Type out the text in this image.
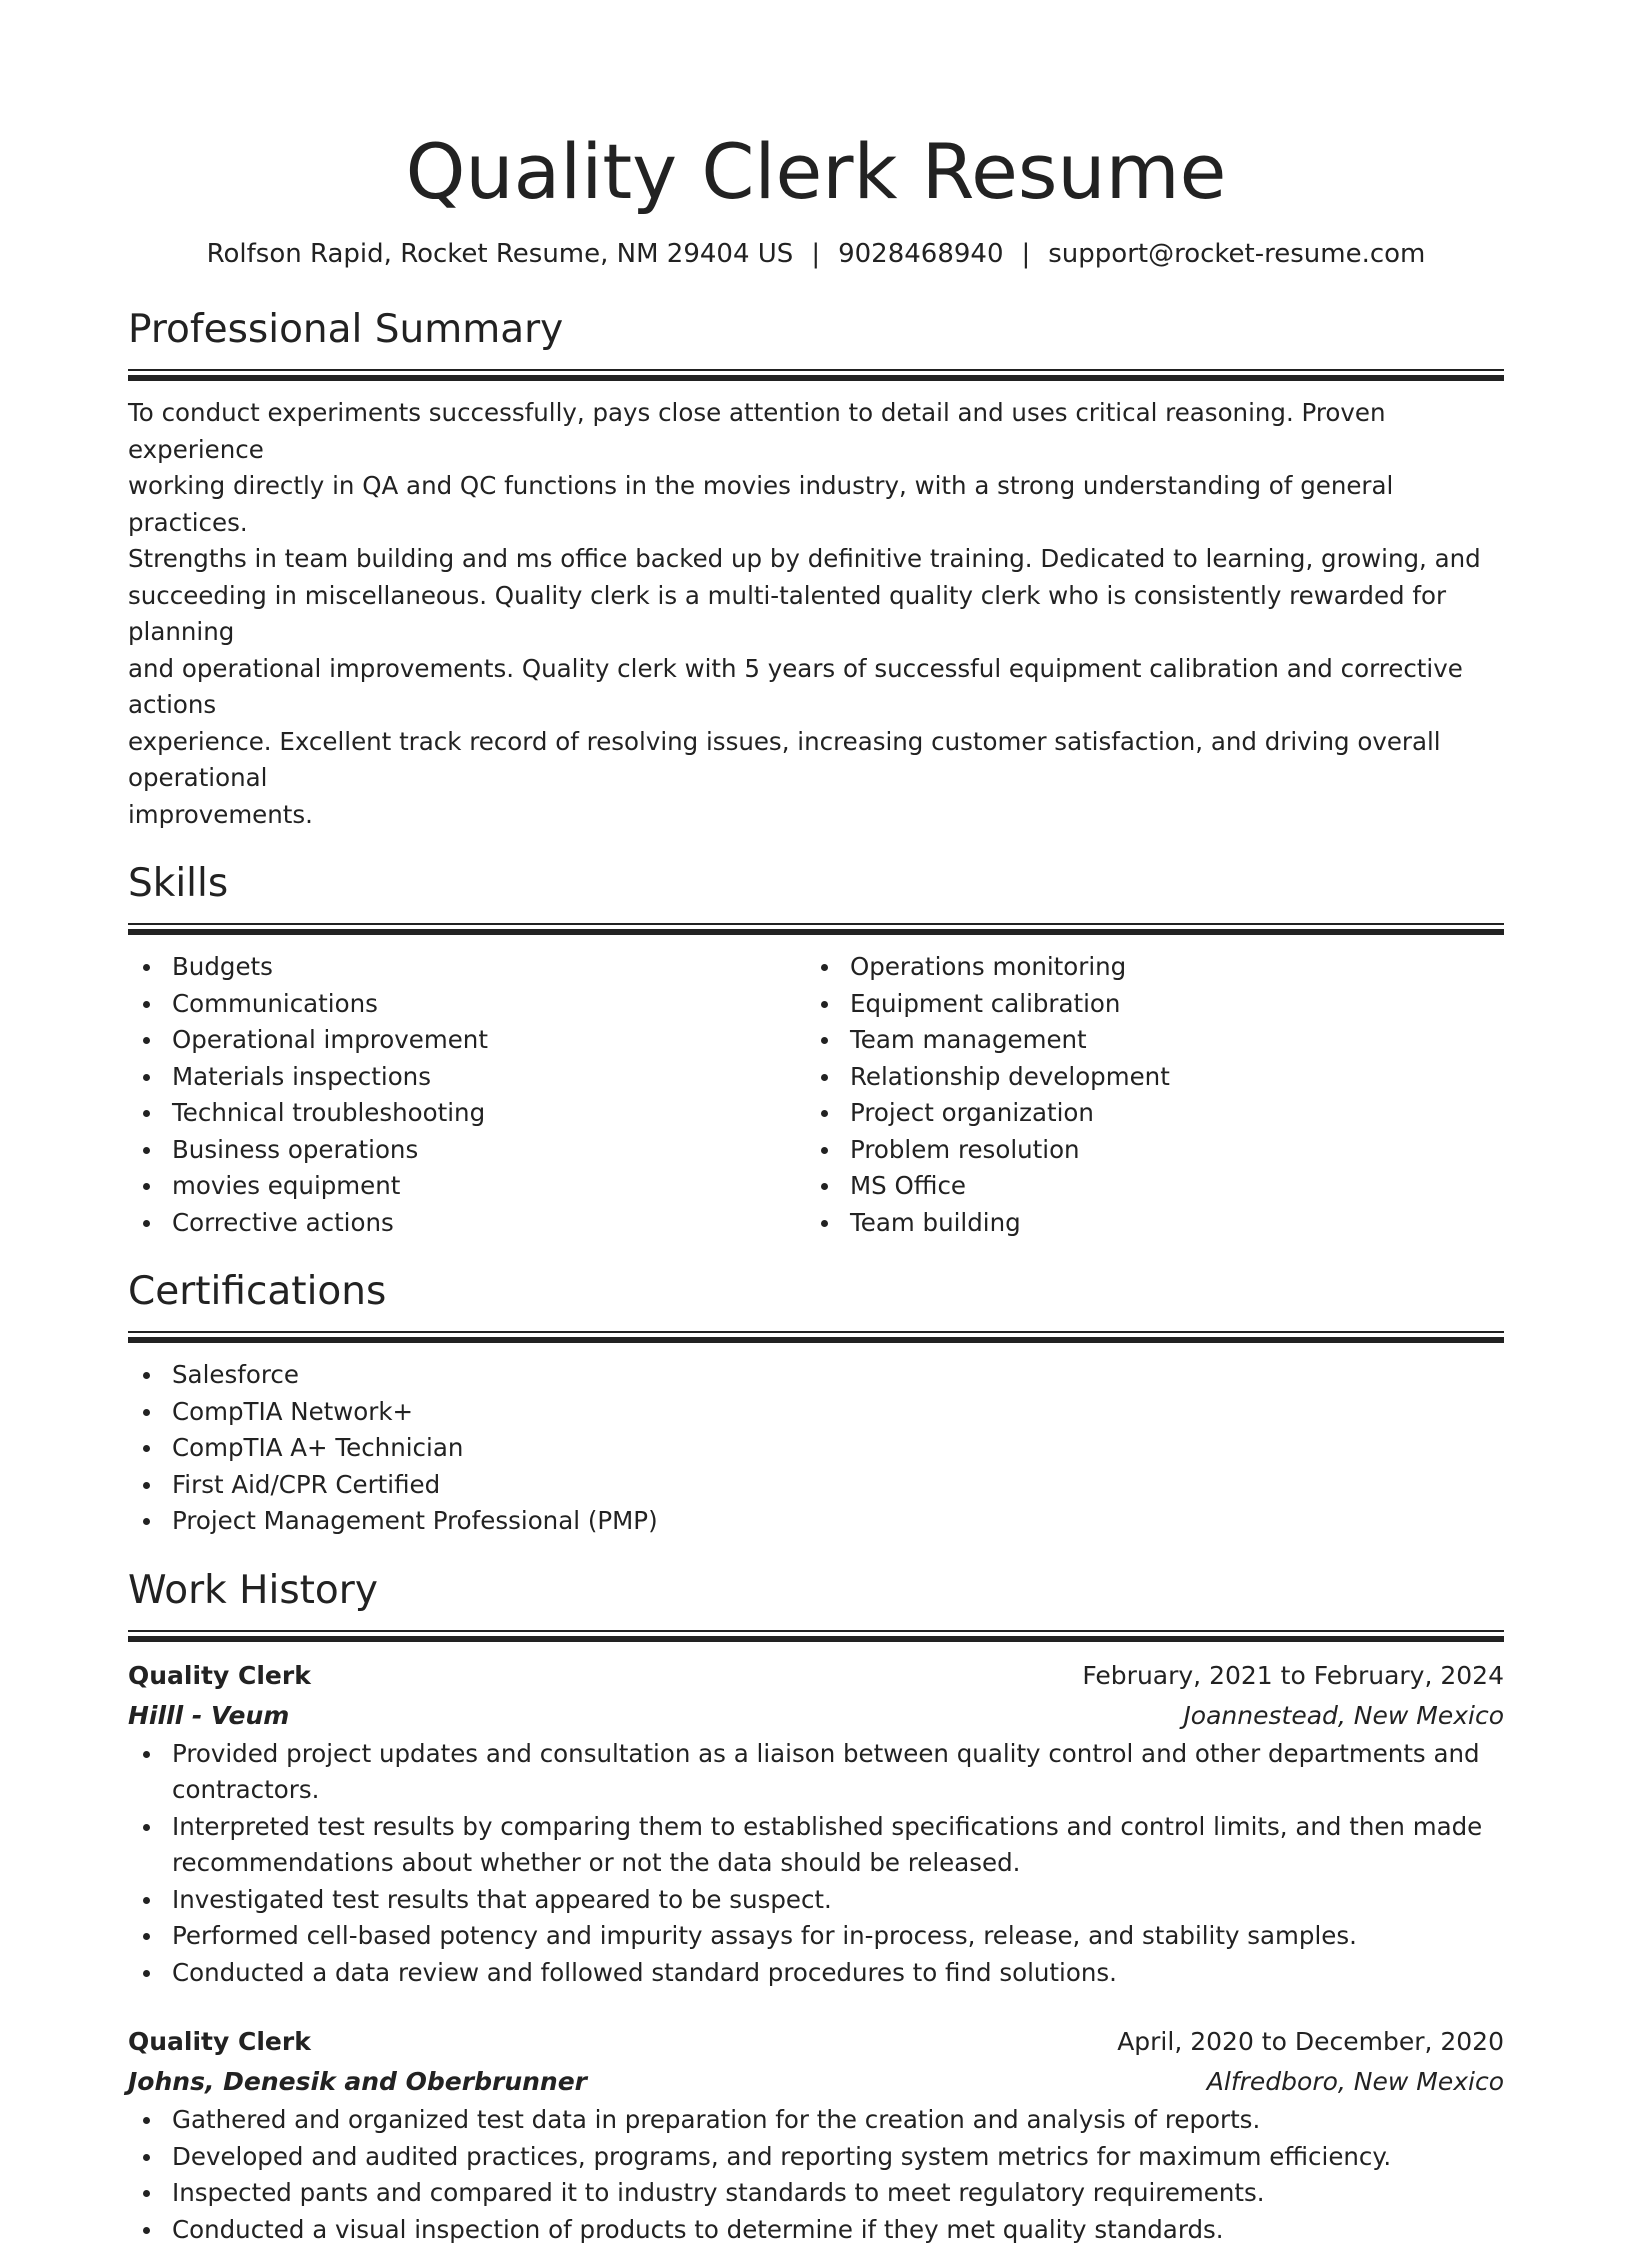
Quality Clerk Resume
Rolfson Rapid, Rocket Resume, NM 29404 US | 9028468940 | support@rocket-resume.com
Professional Summary
To conduct experiments successfully, pays close attention to detail and uses critical reasoning. Proven experience
working directly in QA and QC functions in the movies industry, with a strong understanding of general practices.
Strengths in team building and ms office backed up by definitive training. Dedicated to learning, growing, and
succeeding in miscellaneous. Quality clerk is a multi-talented quality clerk who is consistently rewarded for planning
and operational improvements. Quality clerk with 5 years of successful equipment calibration and corrective actions
experience. Excellent track record of resolving issues, increasing customer satisfaction, and driving overall operational
improvements.
Skills
Budgets
Communications
Operational improvement
Materials inspections
Technical troubleshooting
Business operations
movies equipment
Corrective actions
Operations monitoring
Equipment calibration
Team management
Relationship development
Project organization
Problem resolution
MS Office
Team building
Certifications
Salesforce
CompTIA Network+
CompTIA A+ Technician
First Aid/CPR Certified
Project Management Professional (PMP)
Work History
Quality Clerk	February, 2021 to February, 2024
Hilll - Veum	Joannestead, New Mexico
Provided project updates and consultation as a liaison between quality control and other departments and
contractors.
Interpreted test results by comparing them to established specifications and control limits, and then made
recommendations about whether or not the data should be released.
Investigated test results that appeared to be suspect.
Performed cell-based potency and impurity assays for in-process, release, and stability samples.
Conducted a data review and followed standard procedures to find solutions.
Quality Clerk	April, 2020 to December, 2020
Johns, Denesik and Oberbrunner	Alfredboro, New Mexico
Gathered and organized test data in preparation for the creation and analysis of reports.
Developed and audited practices, programs, and reporting system metrics for maximum efficiency.
Inspected pants and compared it to industry standards to meet regulatory requirements.
Conducted a visual inspection of products to determine if they met quality standards.
